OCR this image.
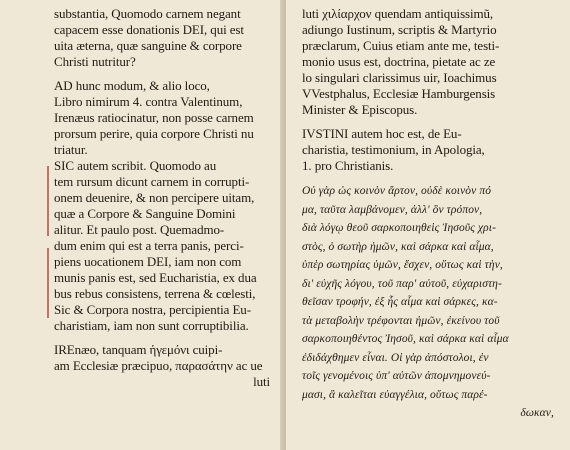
substantia, Quomodo carnem negant
capacem esse donationis DEI, qui est
uita æterna, quæ sanguine & corpore
Christi nutritur?
AD hunc modum, & alio loco,
Libro nimirum 4. contra Valentinum,
Irenæus ratiocinatur, non posse carnem
prorsum perire, quia corpore Christi nu
triatur.
SIC autem scribit. Quomodo au
tem rursum dicunt carnem in corrupti-
onem deuenire, & non percipere uitam,
quæ a Corpore & Sanguine Domini
alitur. Et paulo post. Quemadmo-
dum enim qui est a terra panis, perci-
piens uocationem DEI, iam non com
munis panis est, sed Eucharistia, ex dua
bus rebus consistens, terrena & cœlesti,
Sic & Corpora nostra, percipientia Eu-
charistiam, iam non sunt corruptibilia.
IREnæo, tanquam ἡγεμόνι cuipi-
am Ecclesiæ præcipuo, παρασάτην ac ue
luti
luti χιλίαρχον quendam antiquissimũ,
adiungo Iustinum, scriptis & Martyrio
præclarum, Cuius etiam ante me, testi-
monio usus est, doctrina, pietate ac ze
lo singulari clarissimus uir, Ioachimus
VVestphalus, Ecclesiæ Hamburgensis
Minister & Episcopus.
IVSTINI autem hoc est, de Eu-
charistia, testimonium, in Apologia,
1. pro Christianis.
Οὐ γὰρ ὡς κοινὸν ἄρτον, οὐδὲ κοινὸν πό
μα, ταῦτα λαμβάνομεν, ἀλλ' ὃν τρόπον,
διὰ λόγῳ θεοῦ σαρκοποιηθεὶς Ἰησοῦς χρι-
στὸς, ὁ σωτὴρ ἡμῶν, καὶ σάρκα καὶ αἷμα,
ὑπὲρ σωτηρίας ὑμῶν, ἔσχεν, οὕτως καὶ τὴν,
δι' εὐχῆς λόγου, τοῦ παρ' αὐτοῦ, εὐχαριστη-
θεῖσαν τροφήν, ἐξ ἧς αἷμα καὶ σάρκες, κα-
τὰ μεταβολὴν τρέφονται ἡμῶν, ἐκείνου τοῦ
σαρκοποιηθέντος Ἰησοῦ, καὶ σάρκα καὶ αἷμα
ἐδιδάχθημεν εἶναι. Οἱ γὰρ ἀπόστολοι, ἐν
τοῖς γενομένοις ὑπ' αὐτῶν ἀπομνημονεύ-
μασι, ἃ καλεῖται εὐαγγέλια, οὕτως παρέ-
δωκαν,
